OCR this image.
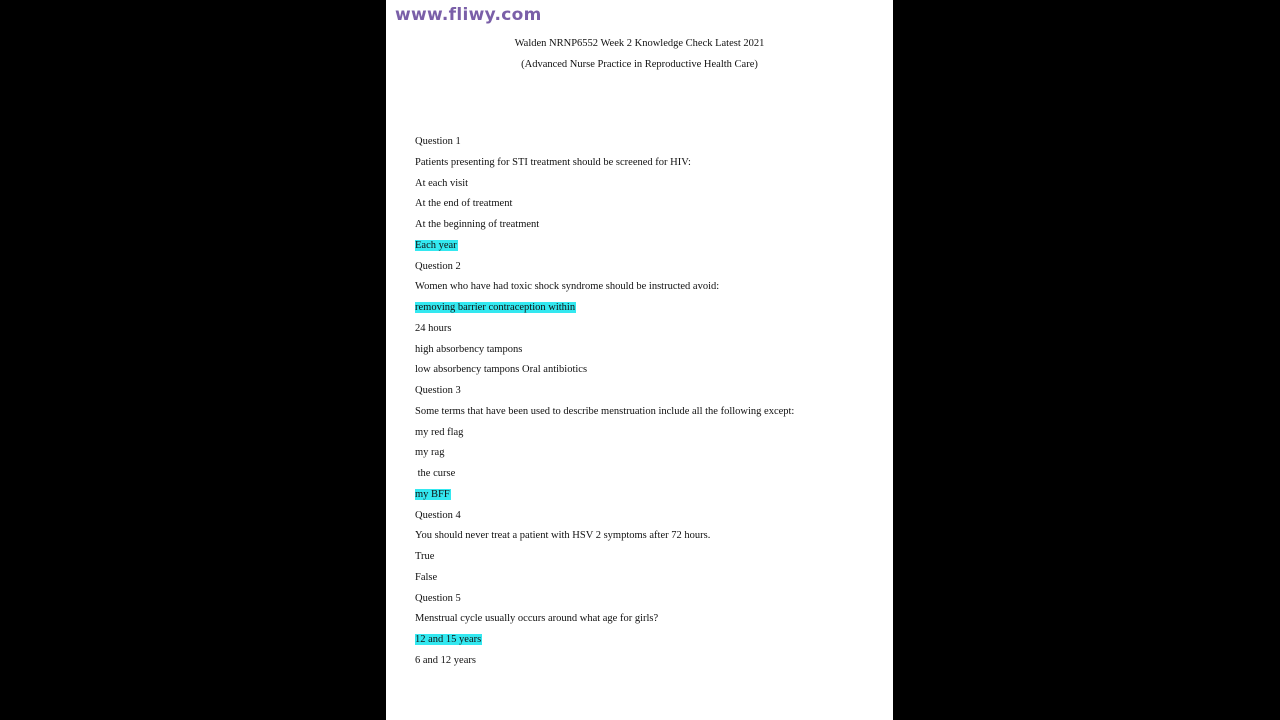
www.fliwy.com
Walden NRNP6552 Week 2 Knowledge Check Latest 2021
(Advanced Nurse Practice in Reproductive Health Care)
Question 1
Patients presenting for STI treatment should be screened for HIV:
At each visit
At the end of treatment
At the beginning of treatment
Each year
Question 2
Women who have had toxic shock syndrome should be instructed avoid:
removing barrier contraception within
24 hours
high absorbency tampons
low absorbency tampons Oral antibiotics
Question 3
Some terms that have been used to describe menstruation include all the following except:
my red flag
my rag
the curse
my BFF
Question 4
You should never treat a patient with HSV 2 symptoms after 72 hours.
True
False
Question 5
Menstrual cycle usually occurs around what age for girls?
12 and 15 years
6 and 12 years
